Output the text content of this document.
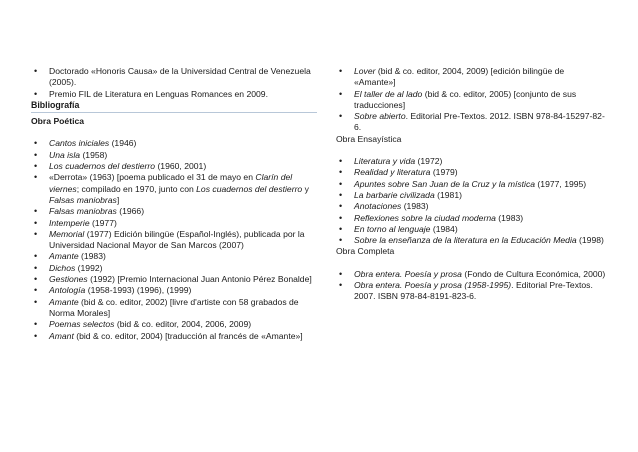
• Doctorado «Honoris Causa» de la Universidad Central de Venezuela (2005).
• Premio FIL de Literatura en Lenguas Romances en 2009.
Bibliografía
Obra Poética
• Cantos iniciales (1946)
• Una isla (1958)
• Los cuadernos del destierro (1960, 2001)
• «Derrota» (1963) [poema publicado el 31 de mayo en Clarín del viernes; compilado en 1970, junto con Los cuadernos del destierro y Falsas maniobras]
• Falsas maniobras (1966)
• Intemperie (1977)
• Memorial (1977) Edición bilingüe (Español-Inglés), publicada por la Universidad Nacional Mayor de San Marcos (2007)
• Amante (1983)
• Dichos (1992)
• Gestiones (1992) [Premio Internacional Juan Antonio Pérez Bonalde]
• Antología (1958-1993) (1996), (1999)
• Amante (bid & co. editor, 2002) [livre d'artiste con 58 grabados de Norma Morales]
• Poemas selectos (bid & co. editor, 2004, 2006, 2009)
• Amant (bid & co. editor, 2004) [traducción al francés de «Amante»]
• Lover (bid & co. editor, 2004, 2009) [edición bilingüe de «Amante»]
• El taller de al lado (bid & co. editor, 2005) [conjunto de sus traducciones]
• Sobre abierto. Editorial Pre-Textos. 2012. ISBN 978-84-15297-82-6.
Obra Ensayística
• Literatura y vida (1972)
• Realidad y literatura (1979)
• Apuntes sobre San Juan de la Cruz y la mística (1977, 1995)
• La barbarie civilizada (1981)
• Anotaciones (1983)
• Reflexiones sobre la ciudad moderna (1983)
• En torno al lenguaje (1984)
• Sobre la enseñanza de la literatura en la Educación Media (1998)
Obra Completa
• Obra entera. Poesía y prosa (Fondo de Cultura Económica, 2000)
• Obra entera. Poesía y prosa (1958-1995). Editorial Pre-Textos. 2007. ISBN 978-84-8191-823-6.
